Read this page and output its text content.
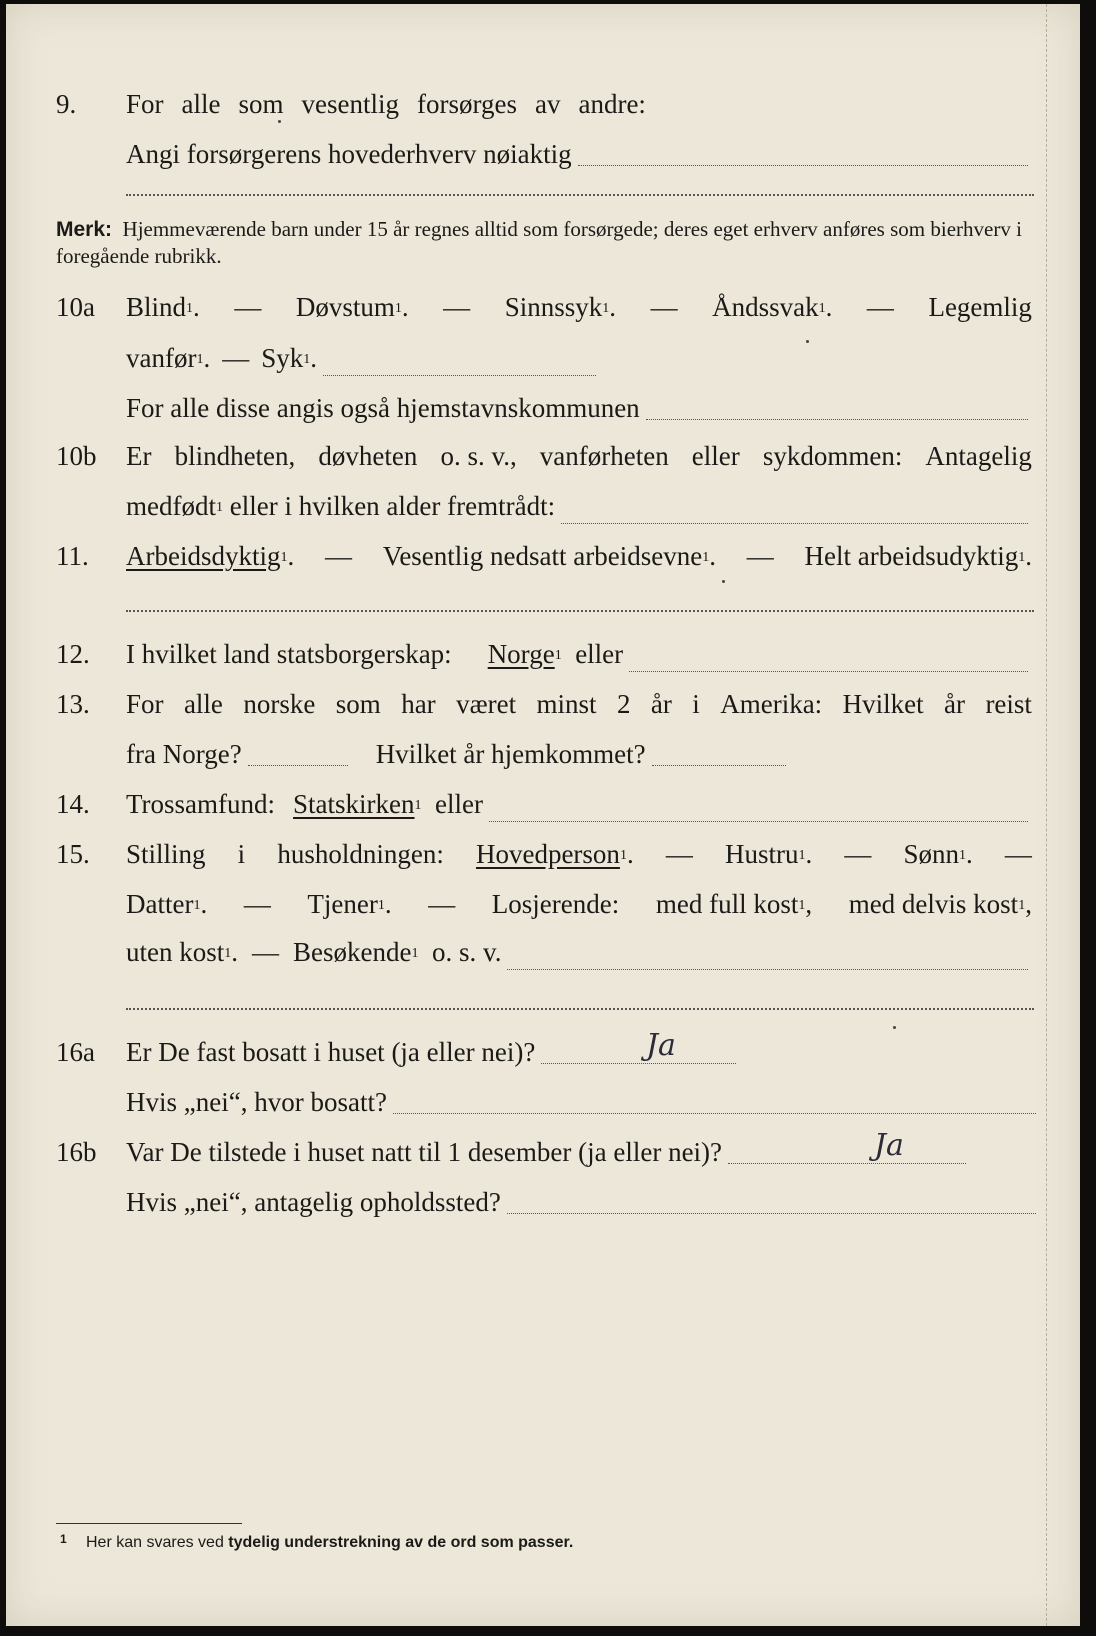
9. For alle som vesentlig forsørges av andre:
Angi forsørgerens hovederhverv nøiaktig
Merk: Hjemmeværende barn under 15 år regnes alltid som forsørgede; deres eget erhverv anføres som bierhverv i foregående rubrikk.
10a Blind$^1$. — Døvstum$^1$. — Sinnssyk$^1$. — Åndssvak$^1$. — Legemlig
vanfør$^1$ . — Syk$^1$ .
For alle disse angis også hjemstavnskommunen
10b Er blindheten, døvheten o. s. v., vanførheten eller sykdommen: Antagelig
medfødt$^1$
eller i hvilken alder fremtrådt:
11. Arbeidsdyktig$^1$. — Vesentlig nedsatt arbeidsevne$^1$. — Helt arbeidsudyktig$^1$.
12. I hvilket land statsborgerskap: Norge$^1$
eller
13. For alle norske som har været minst 2 år i Amerika: Hvilket år reist
fra Norge?	Hvilket år hjemkommet?
14. Trossamfund: Statskirken$^1$
eller
15. Stilling i husholdningen: Hovedperson$^1$. — Hustru$^1$. — Sønn$^1$. —
Datter$^1$. — Tjener$^1$. — Losjerende: med full kost$^1$, med delvis kost$^1$,
uten kost$^1$ . — Besøkende$^1$
o. s. v.
16a Er De fast bosatt i huset (ja eller nei)?	Ja
Hvis „nei“, hvor bosatt?
16b Var De tilstede i huset natt til 1 desember (ja eller nei)?	Ja
Hvis „nei“, antagelig opholdssted?
1 Her kan svares ved tydelig understrekning av de ord som passer.
